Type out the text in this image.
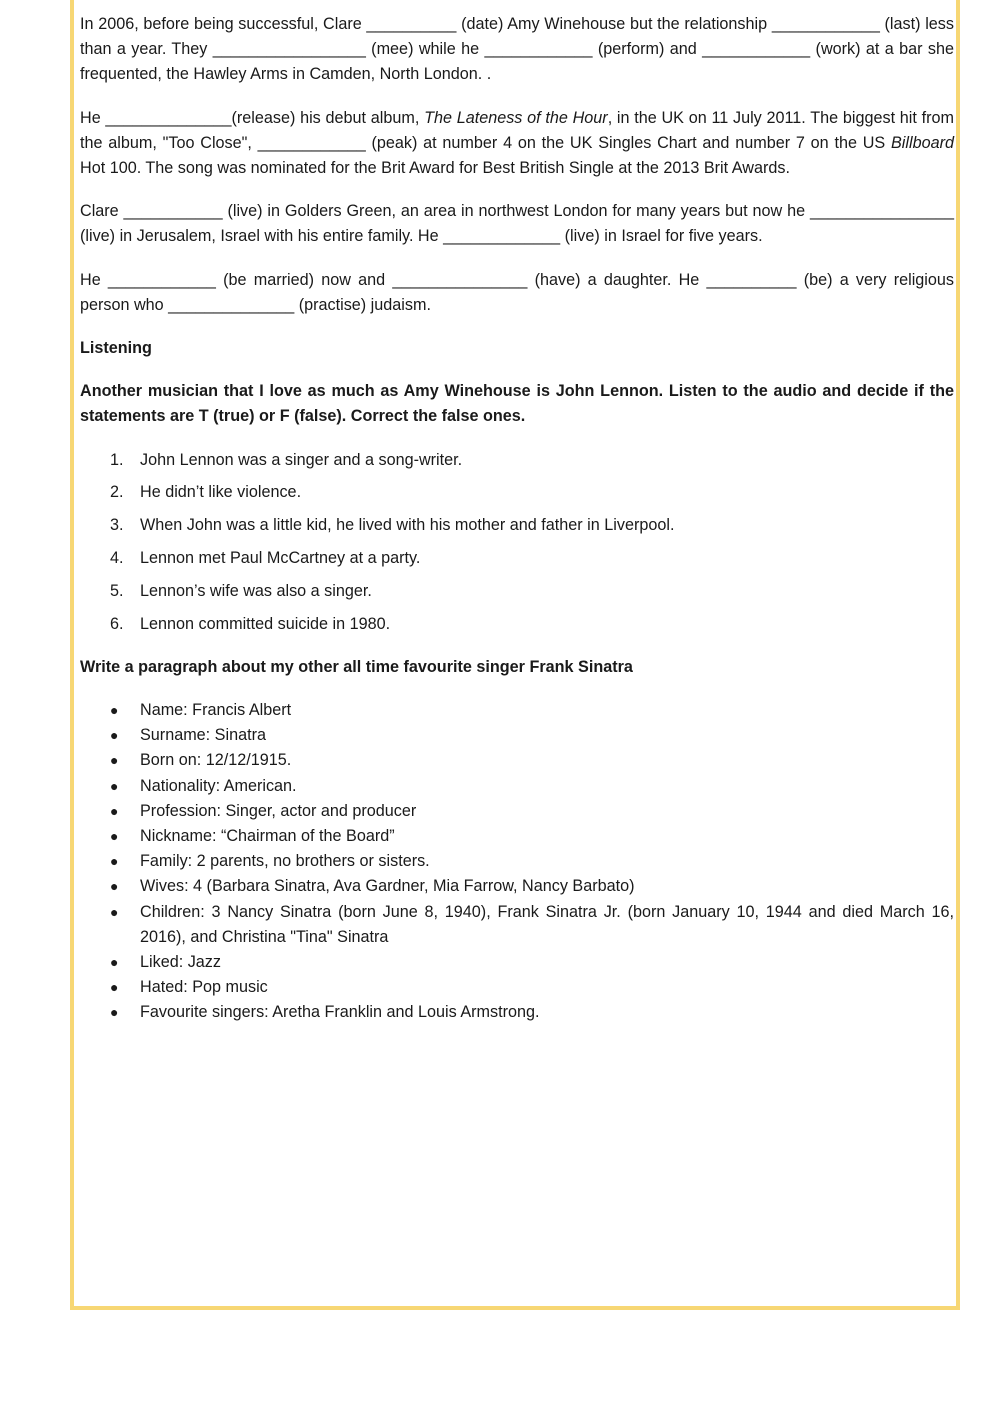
In 2006, before being successful, Clare __________ (date) Amy Winehouse but the relationship ____________ (last) less than a year. They _________________ (mee) while he ____________ (perform) and ____________ (work) at a bar she frequented, the Hawley Arms in Camden, North London. .

He ______________(release) his debut album, The Lateness of the Hour, in the UK on 11 July 2011. The biggest hit from the album, "Too Close", ____________ (peak) at number 4 on the UK Singles Chart and number 7 on the US Billboard Hot 100. The song was nominated for the Brit Award for Best British Single at the 2013 Brit Awards.

Clare ___________ (live) in Golders Green, an area in northwest London for many years but now he ________________ (live) in Jerusalem, Israel with his entire family. He _____________ (live) in Israel for five years.

He ____________ (be married) now and _______________ (have) a daughter. He __________ (be) a very religious person who ______________ (practise) judaism.

Listening
Another musician that I love as much as Amy Winehouse is John Lennon. Listen to the audio and decide if the statements are T (true) or F (false). Correct the false ones.
1. John Lennon was a singer and a song-writer.
2. He didn’t like violence.
3. When John was a little kid, he lived with his mother and father in Liverpool.
4. Lennon met Paul McCartney at a party.
5. Lennon’s wife was also a singer.
6. Lennon committed suicide in 1980.
Write a paragraph about my other all time favourite singer Frank Sinatra
● Name: Francis Albert
● Surname: Sinatra
● Born on: 12/12/1915.
● Nationality: American.
● Profession: Singer, actor and producer
● Nickname: “Chairman of the Board”
● Family: 2 parents, no brothers or sisters.
● Wives: 4 (Barbara Sinatra, Ava Gardner, Mia Farrow, Nancy Barbato)
● Children: 3 Nancy Sinatra (born June 8, 1940), Frank Sinatra Jr. (born January 10, 1944 and died March 16, 2016), and Christina "Tina" Sinatra
● Liked: Jazz
● Hated: Pop music
● Favourite singers: Aretha Franklin and Louis Armstrong.
